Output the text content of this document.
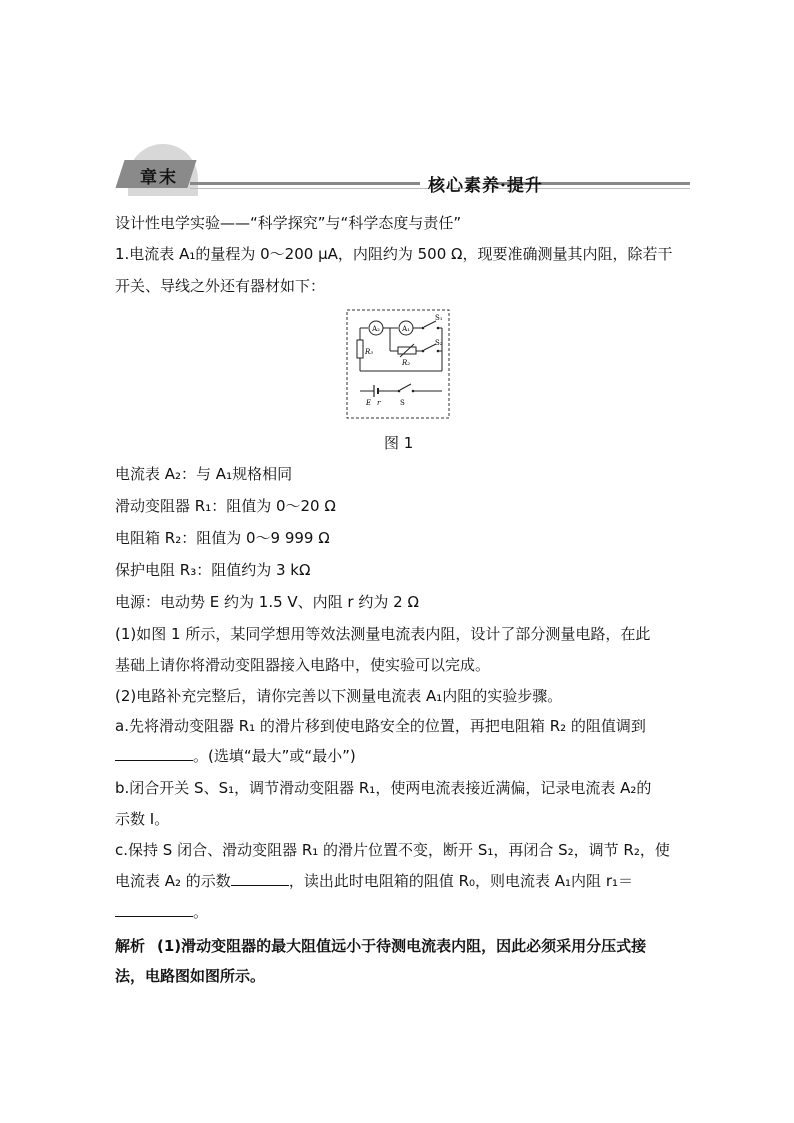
章末	核心素养·提升
设计性电学实验——“科学探究”与“科学态度与责任”
1.电流表 A₁的量程为 0～200 μA，内阻约为 500 Ω，现要准确测量其内阻，除若干
开关、导线之外还有器材如下：
A₂	A₁
S₁
R₂
S₂
R₃
E r	S
图 1
电流表 A₂：与 A₁规格相同
滑动变阻器 R₁：阻值为 0～20 Ω
电阻箱 R₂：阻值为 0～9 999 Ω
保护电阻 R₃：阻值约为 3 kΩ
电源：电动势 E 约为 1.5 V、内阻 r 约为 2 Ω
(1)如图 1 所示，某同学想用等效法测量电流表内阻，设计了部分测量电路，在此
基础上请你将滑动变阻器接入电路中，使实验可以完成。
(2)电路补充完整后，请你完善以下测量电流表 A₁内阻的实验步骤。
a.先将滑动变阻器 R₁ 的滑片移到使电路安全的位置，再把电阻箱 R₂ 的阻值调到
。(选填“最大”或“最小”)
b.闭合开关 S、S₁，调节滑动变阻器 R₁，使两电流表接近满偏，记录电流表 A₂的
示数 I。
c.保持 S 闭合、滑动变阻器 R₁ 的滑片位置不变，断开 S₁，再闭合 S₂，调节 R₂，使
电流表 A₂ 的示数	，读出此时电阻箱的阻值 R₀，则电流表 A₁内阻 r₁＝
。
解析 (1)滑动变阻器的最大阻值远小于待测电流表内阻，因此必须采用分压式接
法，电路图如图所示。
